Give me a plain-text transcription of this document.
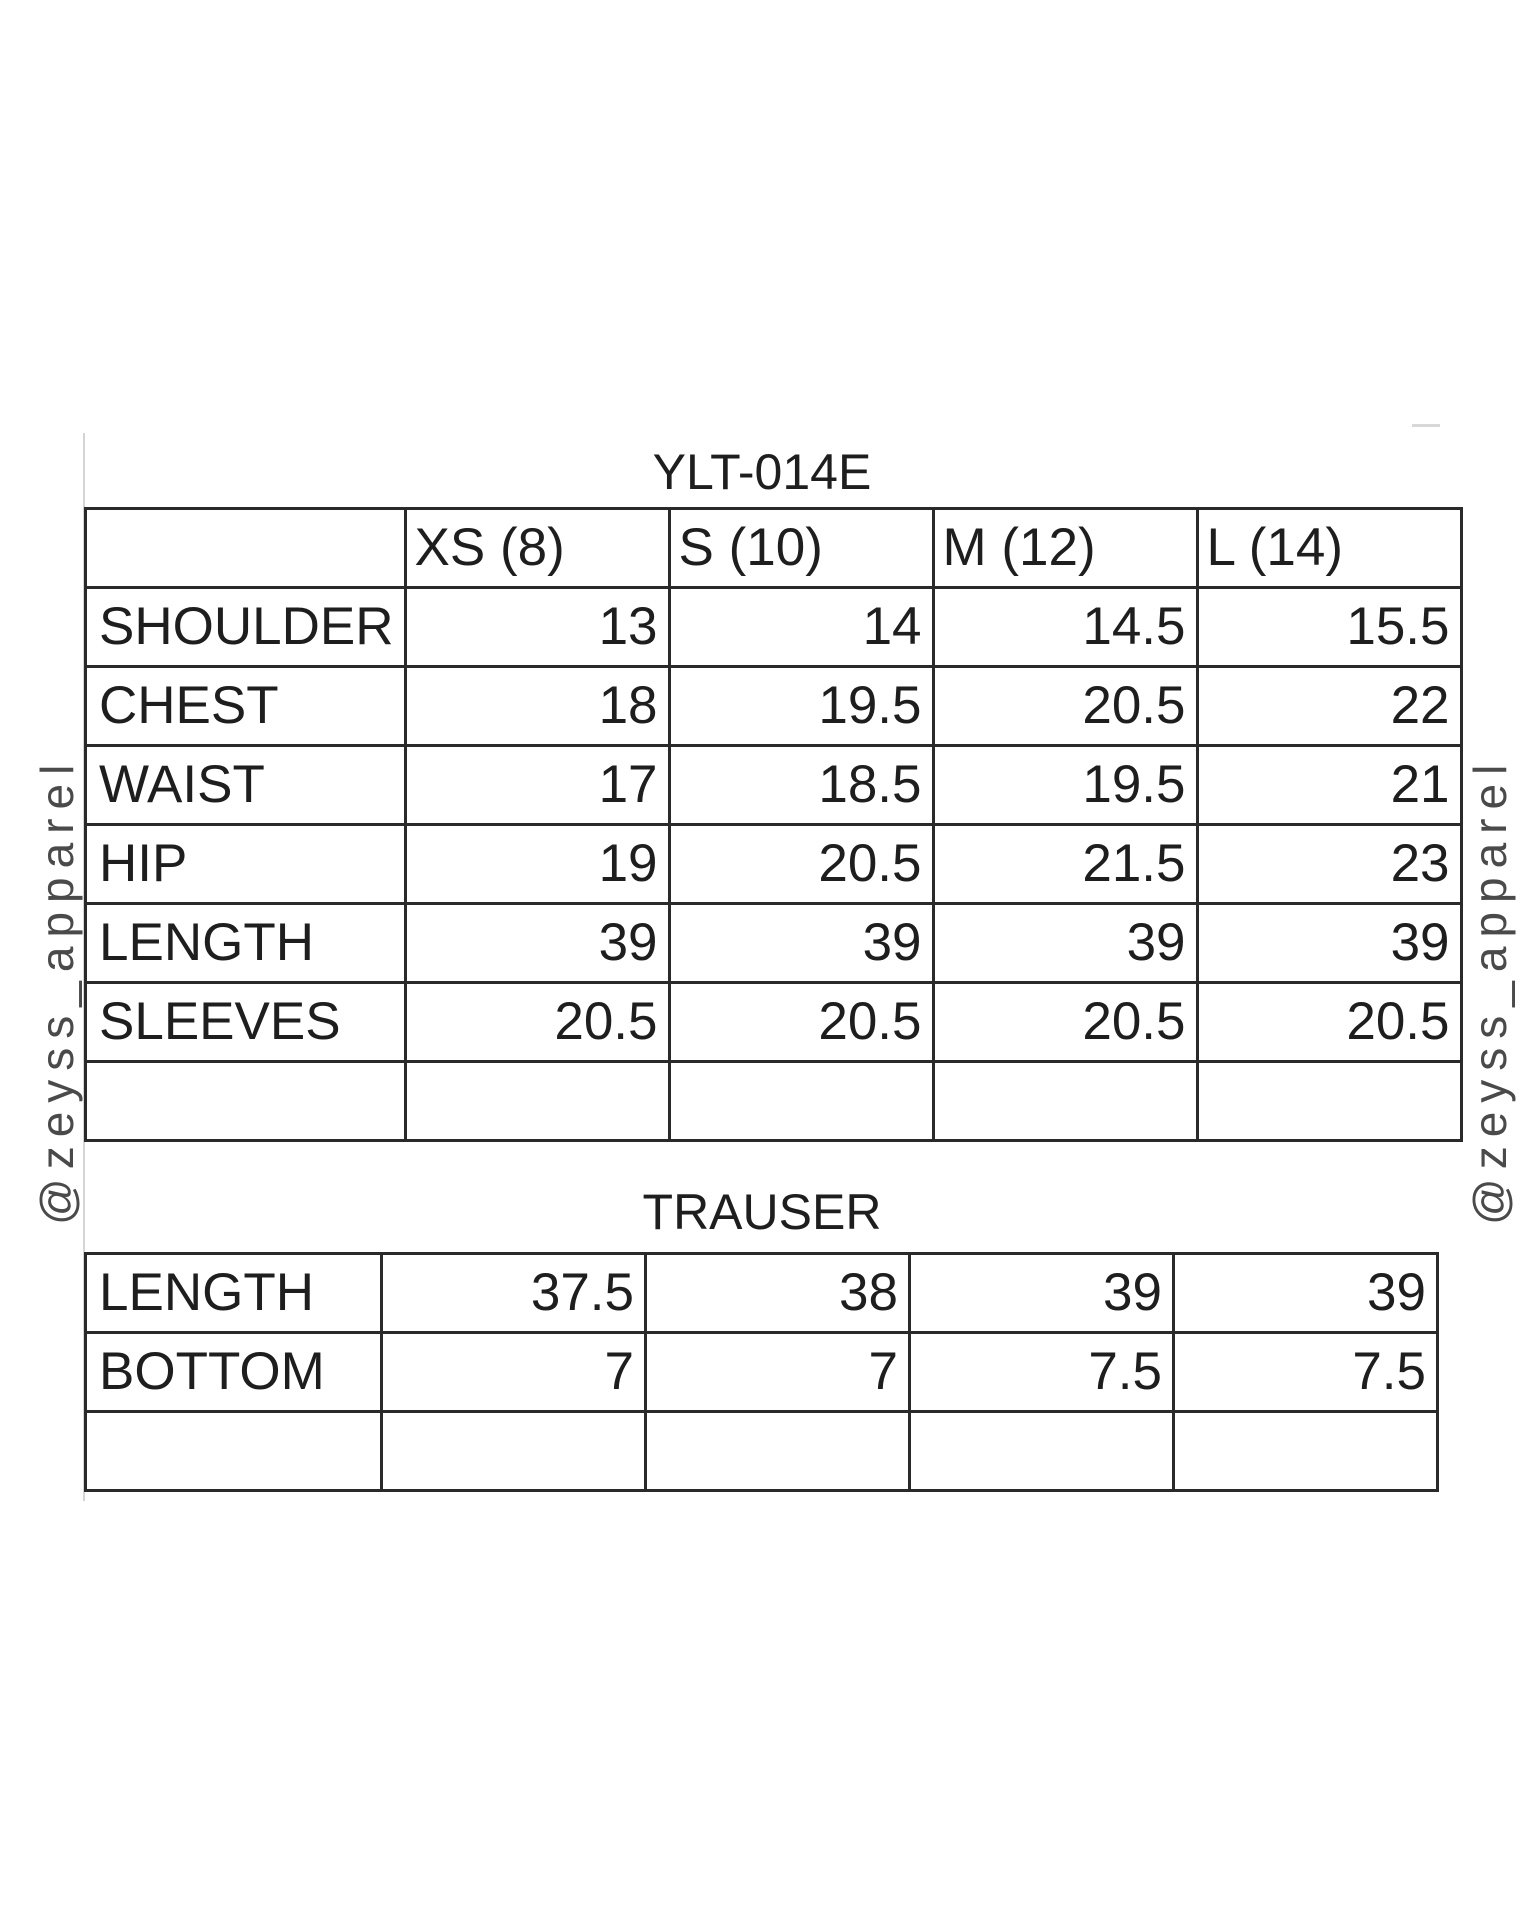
YLT-014E
	XS (8)	S (10)	M (12)	L (14)
SHOULDER	13	14	14.5	15.5
CHEST	18	19.5	20.5	22
WAIST	17	18.5	19.5	21
HIP	19	20.5	21.5	23
LENGTH	39	39	39	39
SLEEVES	20.5	20.5	20.5	20.5

TRAUSER
LENGTH	37.5	38	39	39
BOTTOM	7	7	7.5	7.5

@zeyss_apparel	@zeyss_apparel
